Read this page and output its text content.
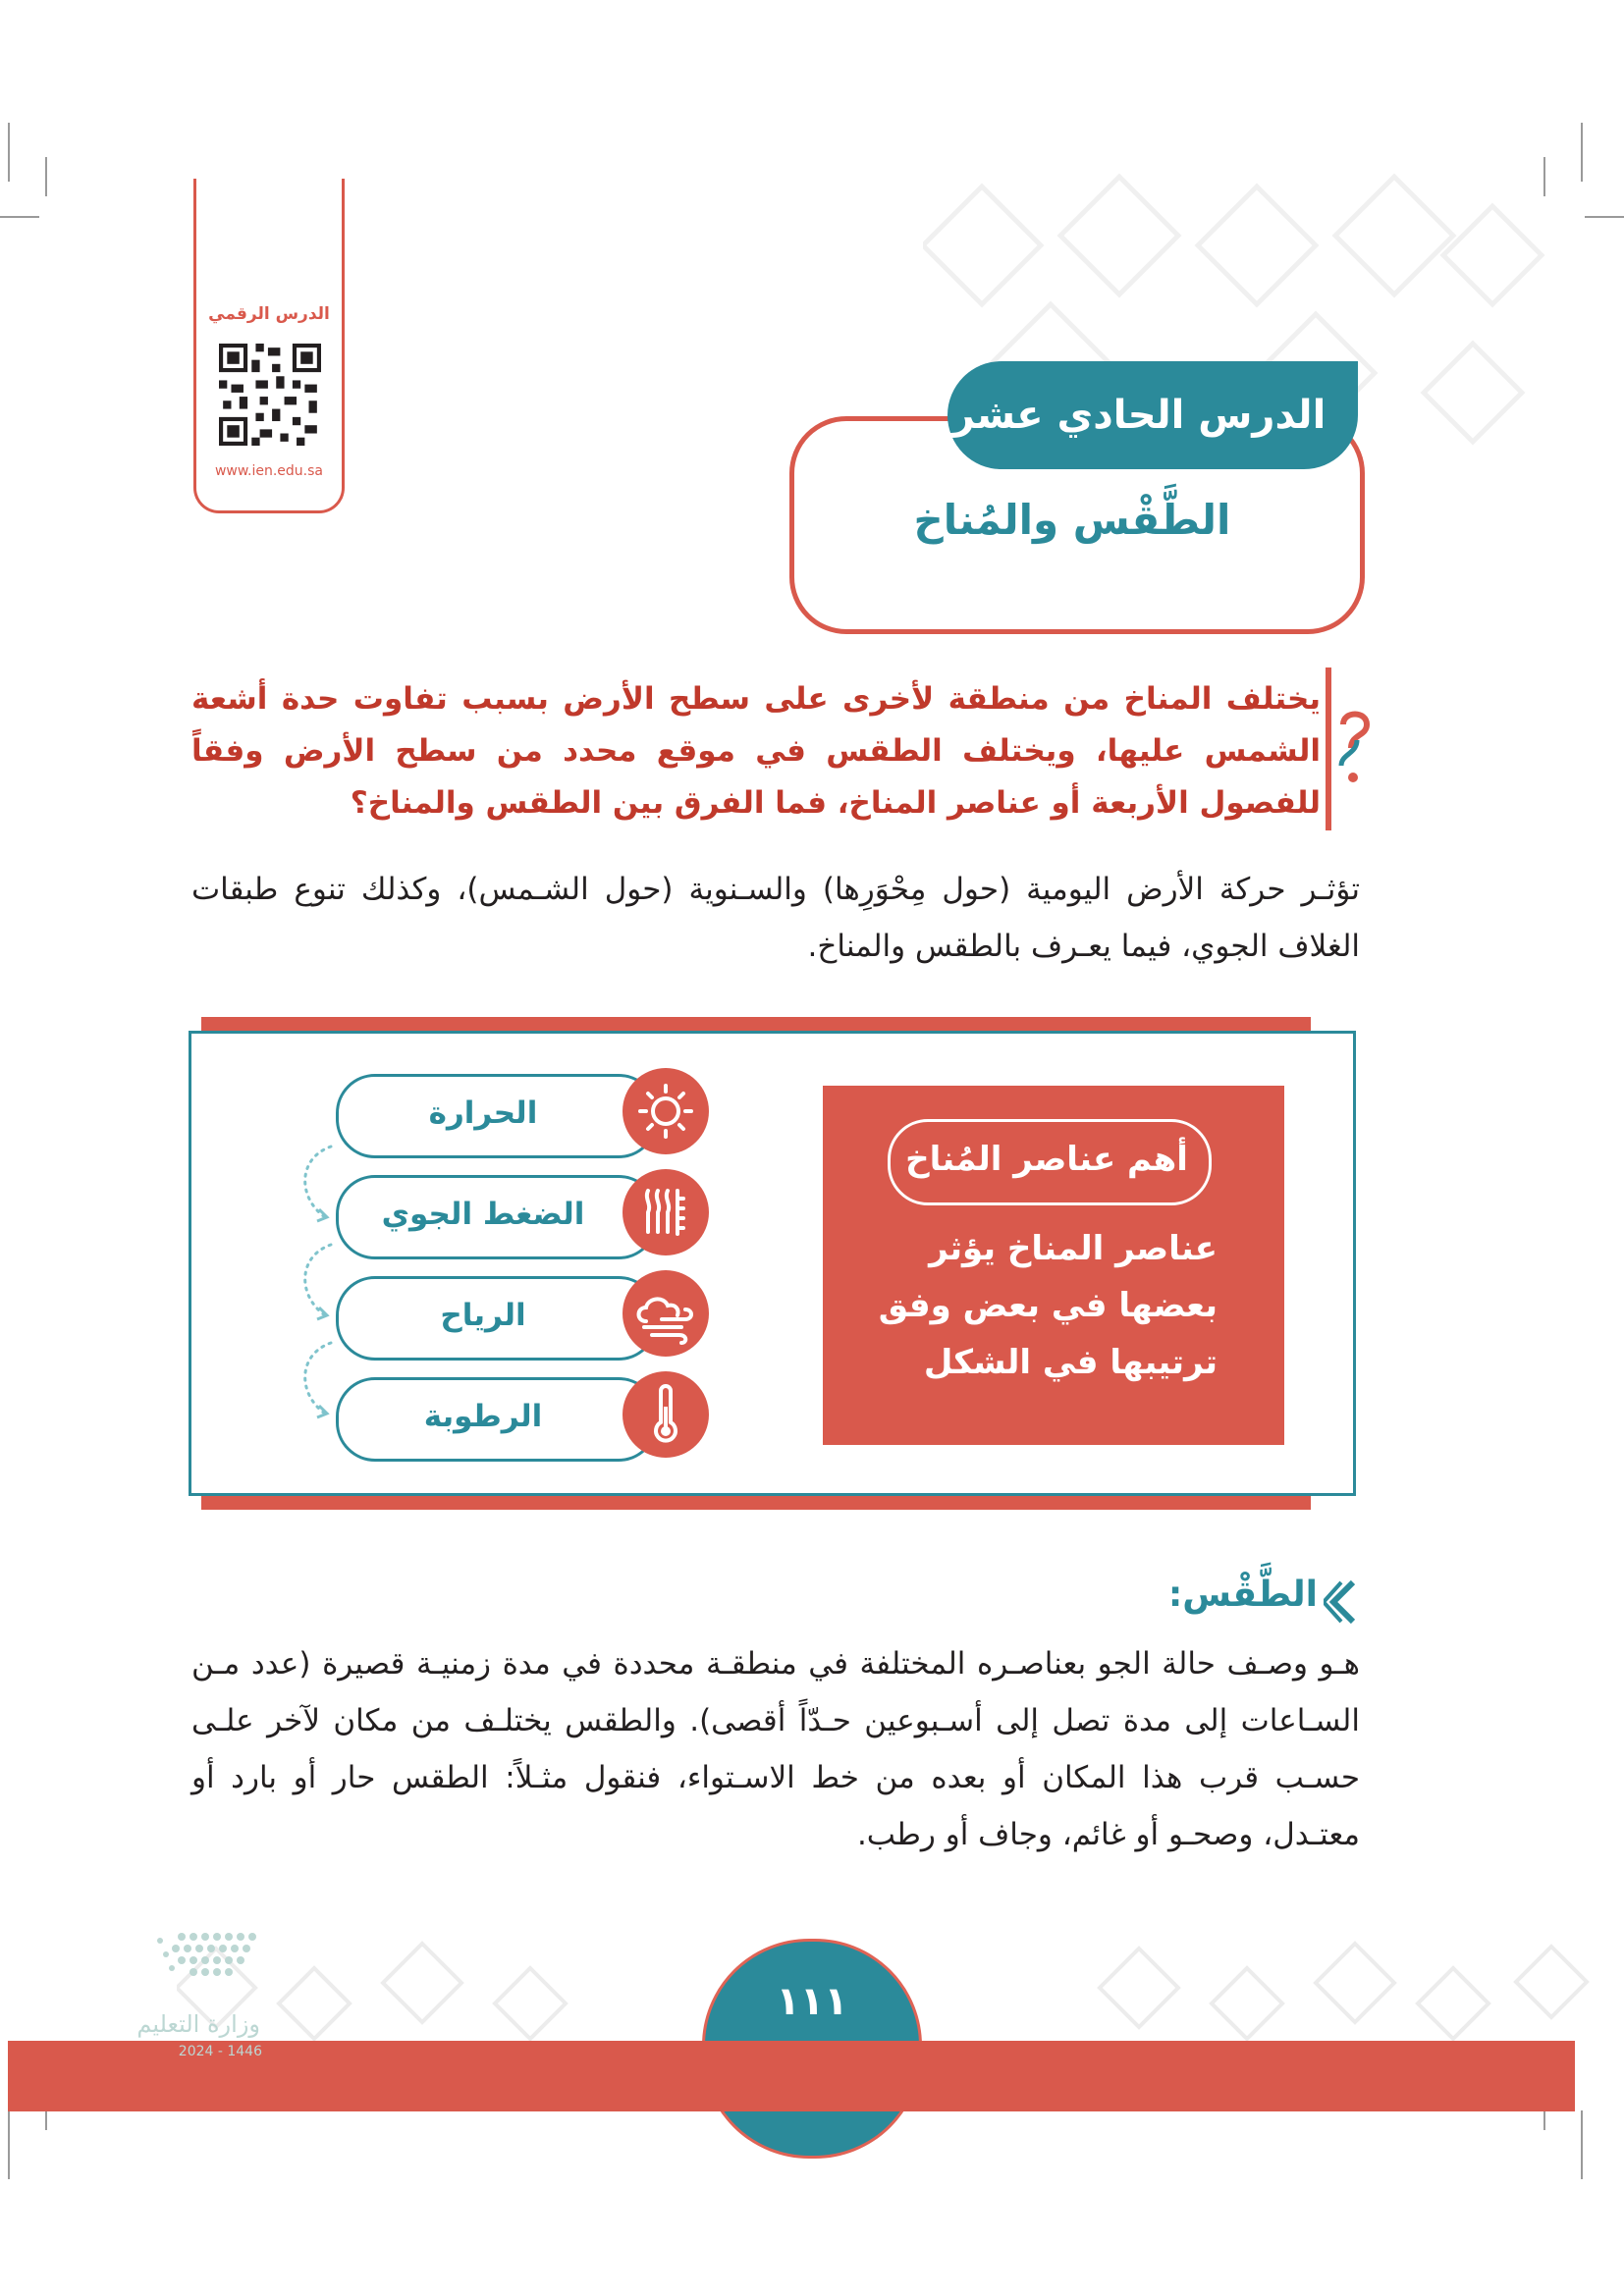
الدرس الرقمي
www.ien.edu.sa
الدرس الحادي عشر
الطَّقْس والمُناخ
يختلف المناخ من منطقة لأخرى على سطح الأرض بسبب تفاوت حدة أشعة الشمس عليها، ويختلف الطقس في موقع محدد من سطح الأرض وفقاً للفصول الأربعة أو عناصر المناخ، فما الفرق بين الطقس والمناخ؟
تؤثـر حركة الأرض اليومية (حول مِحْوَرِها) والسـنوية (حول الشـمس)، وكذلك تنوع طبقات الغلاف الجوي، فيما يعـرف بالطقس والمناخ.
أهم عناصر المُناخ
عناصر المناخ يؤثر بعضها في بعض وفق ترتيبها في الشكل
الحرارة
الضغط الجوي
الرياح
الرطوبة
الطَّقْس:
هـو وصـف حالة الجو بعناصـره المختلفة في منطقـة محددة في مدة زمنيـة قصيرة (عدد مـن السـاعات إلى مدة تصل إلى أسـبوعين حـدّاً أقصى). والطقس يختلـف من مكان لآخر علـى حسـب قرب هذا المكان أو بعده من خط الاسـتواء، فنقول مثـلاً: الطقس حار أو بارد أو معتـدل، وصحـو أو غائم، وجاف أو رطب.
وزارة التعليم
2024 - 1446
١١١
